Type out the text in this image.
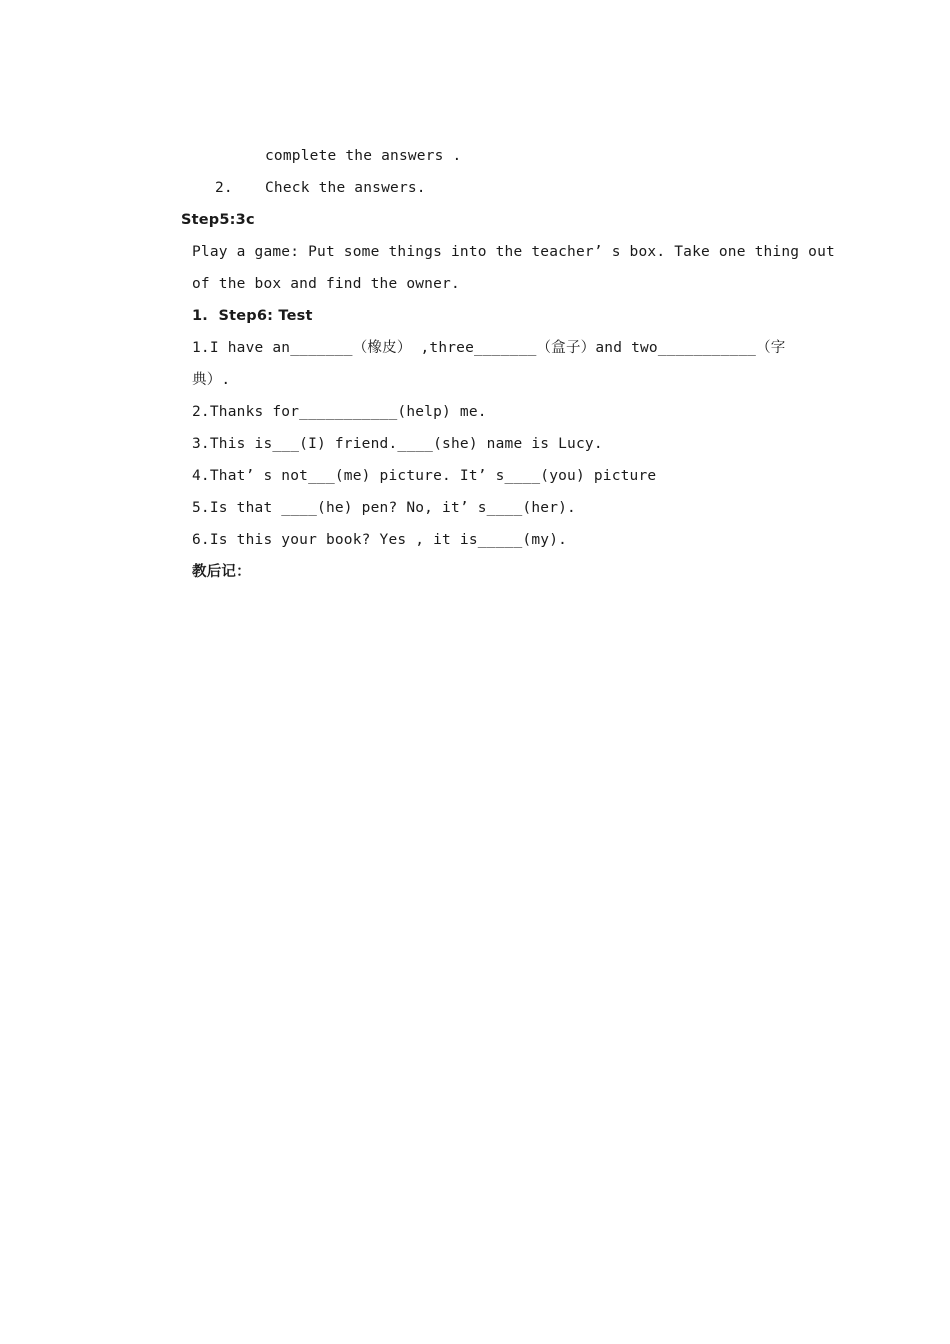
complete the answers .
2. Check the answers.
Step5:3c
Play a game: Put some things into the teacher’ s box. Take one thing out
of the box and find the owner.
1.  Step6: Test
1.I have an_______（橡皮） ,three_______（盒子）and two___________（字
典）.
2.Thanks for___________(help) me.
3.This is___(I) friend.____(she) name is Lucy.
4.That’ s not___(me) picture. It’ s____(you) picture
5.Is that ____(he) pen? No, it’ s____(her).
6.Is this your book? Yes , it is_____(my).
教后记：
